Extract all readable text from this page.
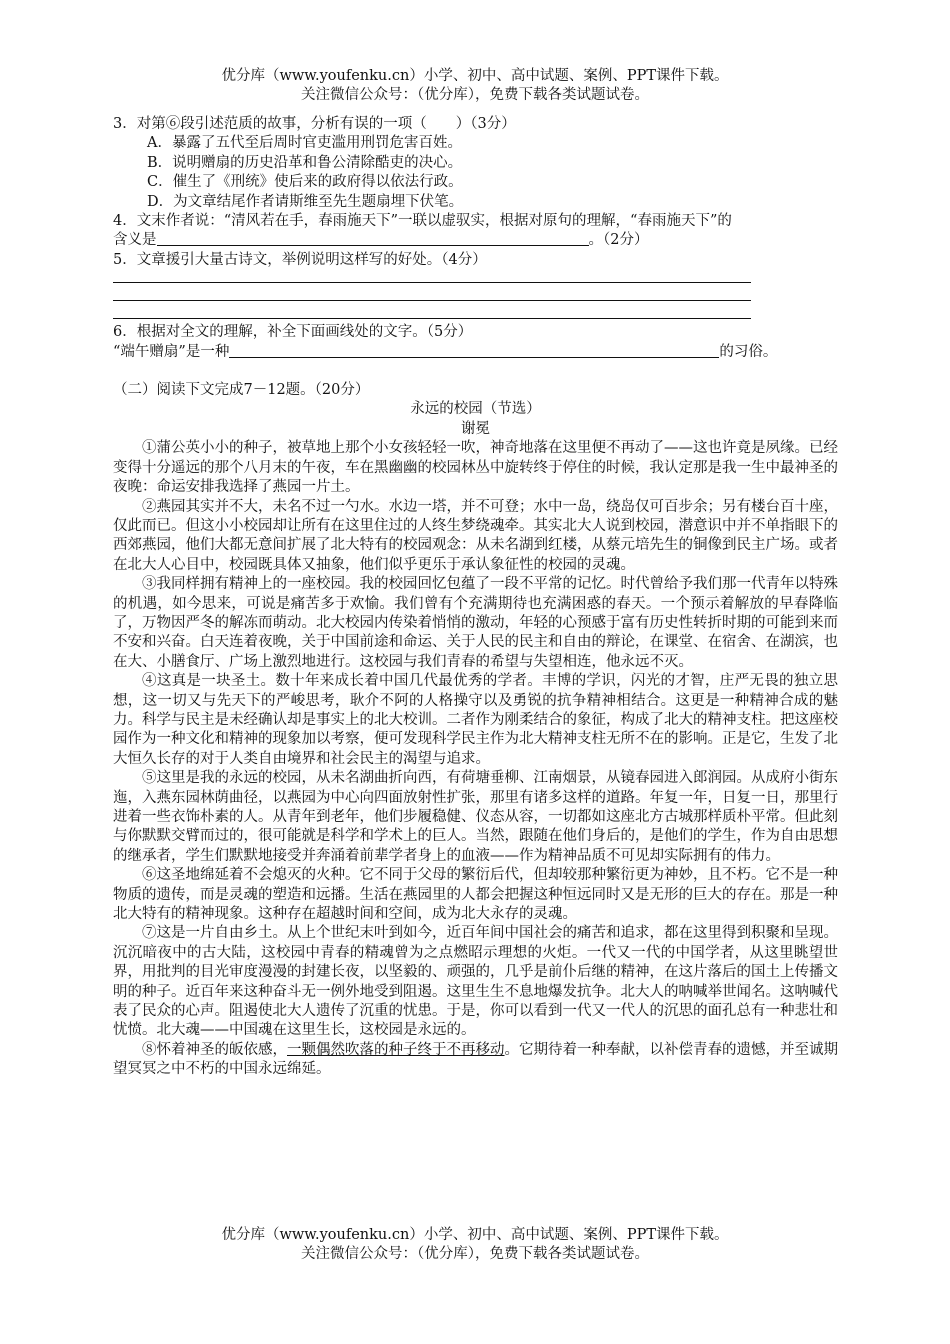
优分库（www.youfenku.cn）小学、初中、高中试题、案例、PPT课件下载。
关注微信公众号：（优分库），免费下载各类试题试卷。

3．对第⑥段引述范质的故事，分析有误的一项（　　）（3分）

A．暴露了五代至后周时官吏滥用刑罚危害百姓。

B．说明赠扇的历史沿革和鲁公清除酷吏的决心。

C．催生了《刑统》使后来的政府得以依法行政。

D．为文章结尾作者请斯维至先生题扇埋下伏笔。

4．文末作者说：“清风若在手，春雨施天下”一联以虚驭实，根据对原句的理解，“春雨施天下”的

含义是	。（2分）

5．文章援引大量古诗文，举例说明这样写的好处。（4分）

6．根据对全文的理解，补全下面画线处的文字。（5分）

“端午赠扇”是一种	的习俗。

（二）阅读下文完成7－12题。（20分）

永远的校园（节选）

谢冕

①蒲公英小小的种子，被草地上那个小女孩轻轻一吹，神奇地落在这里便不再动了——这也许竟是夙缘。已经变得十分遥远的那个八月末的午夜，车在黑幽幽的校园林丛中旋转终于停住的时候，我认定那是我一生中最神圣的夜晚：命运安排我选择了燕园一片土。

②燕园其实并不大，未名不过一勺水。水边一塔，并不可登；水中一岛，绕岛仅可百步余；另有楼台百十座，仅此而已。但这小小校园却让所有在这里住过的人终生梦绕魂牵。其实北大人说到校园，潜意识中并不单指眼下的西郊燕园，他们大都无意间扩展了北大特有的校园观念：从未名湖到红楼，从蔡元培先生的铜像到民主广场。或者在北大人心目中，校园既具体又抽象，他们似乎更乐于承认象征性的校园的灵魂。

③我同样拥有精神上的一座校园。我的校园回忆包蕴了一段不平常的记忆。时代曾给予我们那一代青年以特殊的机遇，如今思来，可说是痛苦多于欢愉。我们曾有个充满期待也充满困惑的春天。一个预示着解放的早春降临了，万物因严冬的解冻而萌动。北大校园内传染着悄悄的激动，年轻的心预感于富有历史性转折时期的可能到来而不安和兴奋。白天连着夜晚，关于中国前途和命运、关于人民的民主和自由的辩论，在课堂、在宿舍、在湖滨，也在大、小膳食厅、广场上激烈地进行。这校园与我们青春的希望与失望相连，他永远不灭。

④这真是一块圣土。数十年来成长着中国几代最优秀的学者。丰博的学识，闪光的才智，庄严无畏的独立思想，这一切又与先天下的严峻思考，耿介不阿的人格操守以及勇锐的抗争精神相结合。这更是一种精神合成的魅力。科学与民主是未经确认却是事实上的北大校训。二者作为刚柔结合的象征，构成了北大的精神支柱。把这座校园作为一种文化和精神的现象加以考察，便可发现科学民主作为北大精神支柱无所不在的影响。正是它，生发了北大恒久长存的对于人类自由境界和社会民主的渴望与追求。

⑤这里是我的永远的校园，从未名湖曲折向西，有荷塘垂柳、江南烟景，从镜春园进入郎润园。从成府小街东迤，入燕东园林荫曲径，以燕园为中心向四面放射性扩张，那里有诸多这样的道路。年复一年，日复一日，那里行进着一些衣饰朴素的人。从青年到老年，他们步履稳健、仪态从容，一切都如这座北方古城那样质朴平常。但此刻与你默默交臂而过的，很可能就是科学和学术上的巨人。当然，跟随在他们身后的，是他们的学生，作为自由思想的继承者，学生们默默地接受并奔涌着前辈学者身上的血液——作为精神品质不可见却实际拥有的伟力。

⑥这圣地绵延着不会熄灭的火种。它不同于父母的繁衍后代，但却较那种繁衍更为神妙，且不朽。它不是一种物质的遗传，而是灵魂的塑造和远播。生活在燕园里的人都会把握这种恒远同时又是无形的巨大的存在。那是一种北大特有的精神现象。这种存在超越时间和空间，成为北大永存的灵魂。

⑦这是一片自由乡土。从上个世纪末叶到如今，近百年间中国社会的痛苦和追求，都在这里得到积聚和呈现。沉沉暗夜中的古大陆，这校园中青春的精魂曾为之点燃昭示理想的火炬。一代又一代的中国学者，从这里眺望世界，用批判的目光审度漫漫的封建长夜，以坚毅的、顽强的，几乎是前仆后继的精神，在这片落后的国土上传播文明的种子。近百年来这种奋斗无一例外地受到阻遏。这里生生不息地爆发抗争。北大人的呐喊举世闻名。这呐喊代表了民众的心声。阻遏使北大人遗传了沉重的忧患。于是，你可以看到一代又一代人的沉思的面孔总有一种悲壮和忧愤。北大魂——中国魂在这里生长，这校园是永远的。

⑧怀着神圣的皈依感，一颗偶然吹落的种子终于不再移动。它期待着一种奉献，以补偿青春的遗憾，并至诚期望冥冥之中不朽的中国永远绵延。

优分库（www.youfenku.cn）小学、初中、高中试题、案例、PPT课件下载。
关注微信公众号：（优分库），免费下载各类试题试卷。
